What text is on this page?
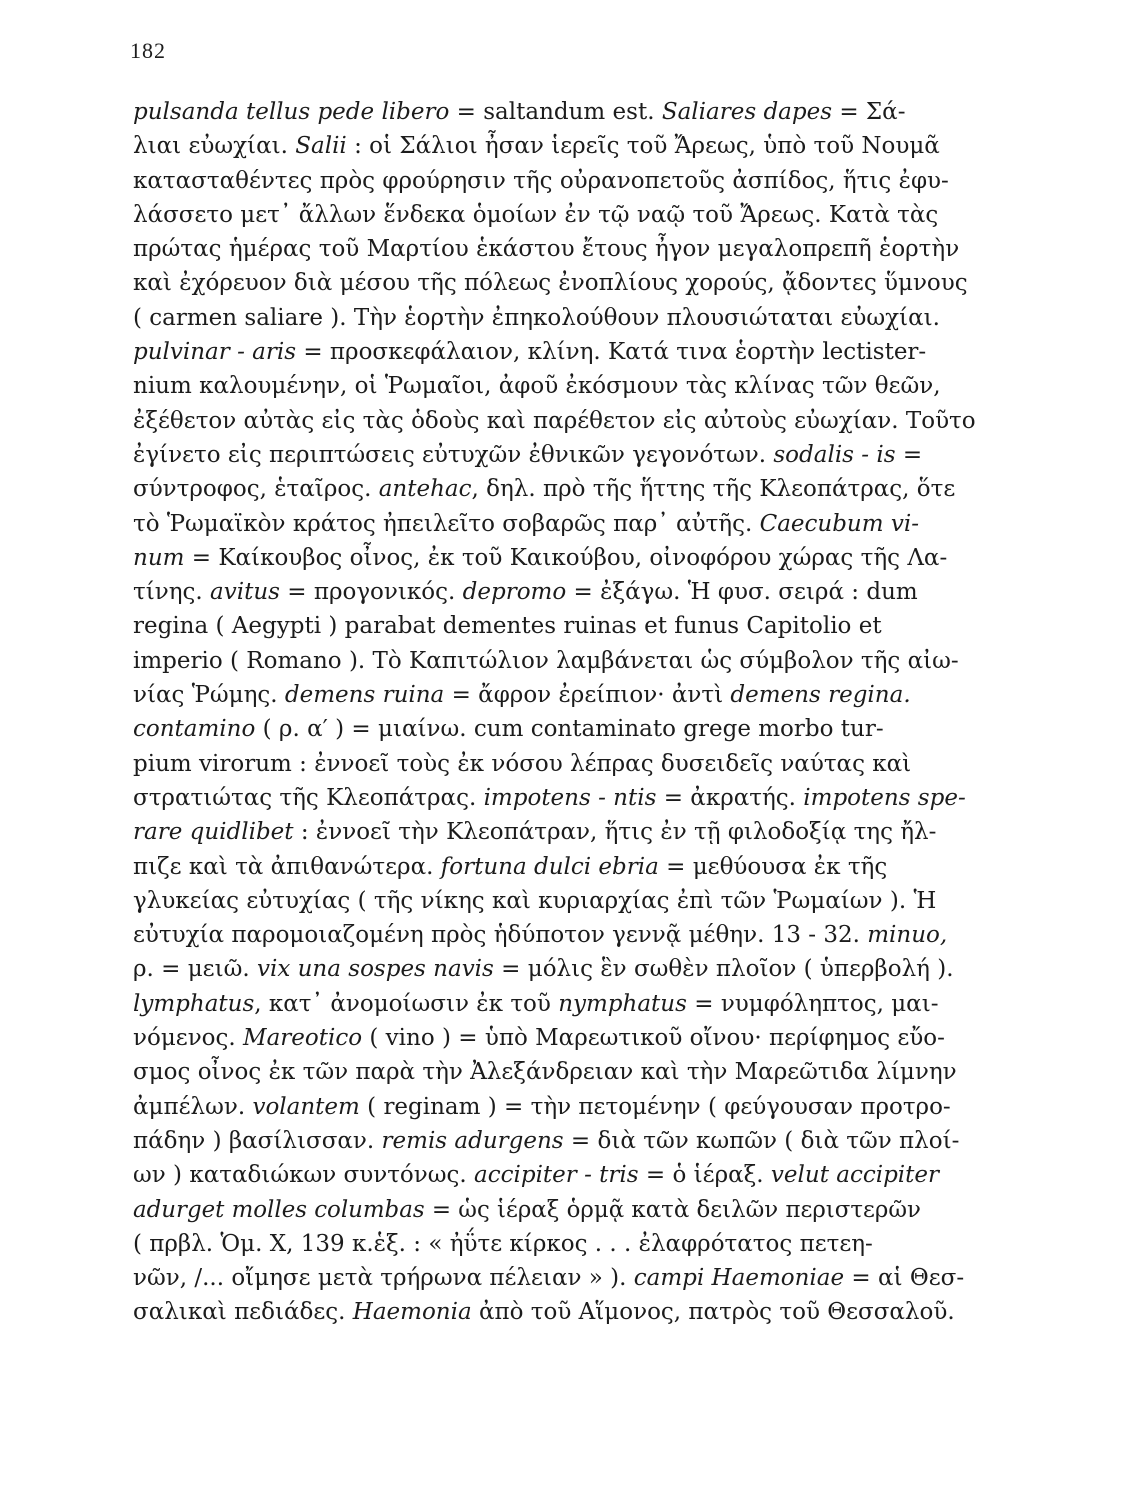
182
pulsanda tellus pede libero = saltandum est. Saliares dapes = Σά-
λιαι εὐωχίαι. Salii : οἱ Σάλιοι ἦσαν ἱερεῖς τοῦ Ἄρεως, ὑπὸ τοῦ Νουμᾶ
κατασταθέντες πρὸς φρούρησιν τῆς οὐρανοπετοῦς ἀσπίδος, ἥτις ἐφυ-
λάσσετο μετ᾽ ἄλλων ἕνδεκα ὁμοίων ἐν τῷ ναῷ τοῦ Ἄρεως. Κατὰ τὰς
πρώτας ἡμέρας τοῦ Μαρτίου ἑκάστου ἔτους ἦγον μεγαλοπρεπῆ ἑορτὴν
καὶ ἐχόρευον διὰ μέσου τῆς πόλεως ἐνοπλίους χορούς, ᾄδοντες ὕμνους
( carmen saliare ). Τὴν ἑορτὴν ἐπηκολούθουν πλουσιώταται εὐωχίαι.
pulvinar - aris = προσκεφάλαιον, κλίνη. Κατά τινα ἑορτὴν lectister-
nium καλουμένην, οἱ Ῥωμαῖοι, ἀφοῦ ἐκόσμουν τὰς κλίνας τῶν θεῶν,
ἐξέθετον αὐτὰς εἰς τὰς ὁδοὺς καὶ παρέθετον εἰς αὐτοὺς εὐωχίαν. Τοῦτο
ἐγίνετο εἰς περιπτώσεις εὐτυχῶν ἐθνικῶν γεγονότων. sodalis - is =
σύντροφος, ἑταῖρος. antehac, δηλ. πρὸ τῆς ἥττης τῆς Κλεοπάτρας, ὅτε
τὸ Ῥωμαϊκὸν κράτος ἠπειλεῖτο σοβαρῶς παρ᾽ αὐτῆς. Caecubum vi-
num = Καίκουβος οἶνος, ἐκ τοῦ Καικούβου, οἰνοφόρου χώρας τῆς Λα-
τίνης. avitus = προγονικός. depromo = ἐξάγω. Ἡ φυσ. σειρά : dum
regina ( Aegypti ) parabat dementes ruinas et funus Capitolio et
imperio ( Romano ). Τὸ Καπιτώλιον λαμβάνεται ὡς σύμβολον τῆς αἰω-
νίας Ῥώμης. demens ruina = ἄφρον ἐρείπιον· ἀντὶ demens regina.
contamino ( ρ. α′ ) = μιαίνω. cum contaminato grege morbo tur-
pium virorum : ἐννοεῖ τοὺς ἐκ νόσου λέπρας δυσειδεῖς ναύτας καὶ
στρατιώτας τῆς Κλεοπάτρας. impotens - ntis = ἀκρατής. impotens spe-
rare quidlibet : ἐννοεῖ τὴν Κλεοπάτραν, ἥτις ἐν τῇ φιλοδοξίᾳ της ἤλ-
πιζε καὶ τὰ ἀπιθανώτερα. fortuna dulci ebria = μεθύουσα ἐκ τῆς
γλυκείας εὐτυχίας ( τῆς νίκης καὶ κυριαρχίας ἐπὶ τῶν Ῥωμαίων ). Ἡ
εὐτυχία παρομοιαζομένη πρὸς ἡδύποτον γεννᾷ μέθην. 13 - 32. minuo,
ρ. = μειῶ. vix una sospes navis = μόλις ἓν σωθὲν πλοῖον ( ὑπερβολή ).
lymphatus, κατ᾽ ἀνομοίωσιν ἐκ τοῦ nymphatus = νυμφόληπτος, μαι-
νόμενος. Mareotico ( vino ) = ὑπὸ Μαρεωτικοῦ οἴνου· περίφημος εὔο-
σμος οἶνος ἐκ τῶν παρὰ τὴν Ἀλεξάνδρειαν καὶ τὴν Μαρεῶτιδα λίμνην
ἀμπέλων. volantem ( reginam ) = τὴν πετομένην ( φεύγουσαν προτρο-
πάδην ) βασίλισσαν. remis adurgens = διὰ τῶν κωπῶν ( διὰ τῶν πλοί-
ων ) καταδιώκων συντόνως. accipiter - tris = ὁ ἱέραξ. velut accipiter
adurget molles columbas = ὡς ἱέραξ ὁρμᾷ κατὰ δειλῶν περιστερῶν
( πρβλ. Ὁμ. Χ, 139 κ.ἑξ. : « ἠΰτε κίρκος . . . ἐλαφρότατος πετεη-
νῶν, /... οἴμησε μετὰ τρήρωνα πέλειαν » ). campi Haemoniae = αἱ Θεσ-
σαλικαὶ πεδιάδες. Haemonia ἀπὸ τοῦ Αἵμονος, πατρὸς τοῦ Θεσσαλοῦ.
